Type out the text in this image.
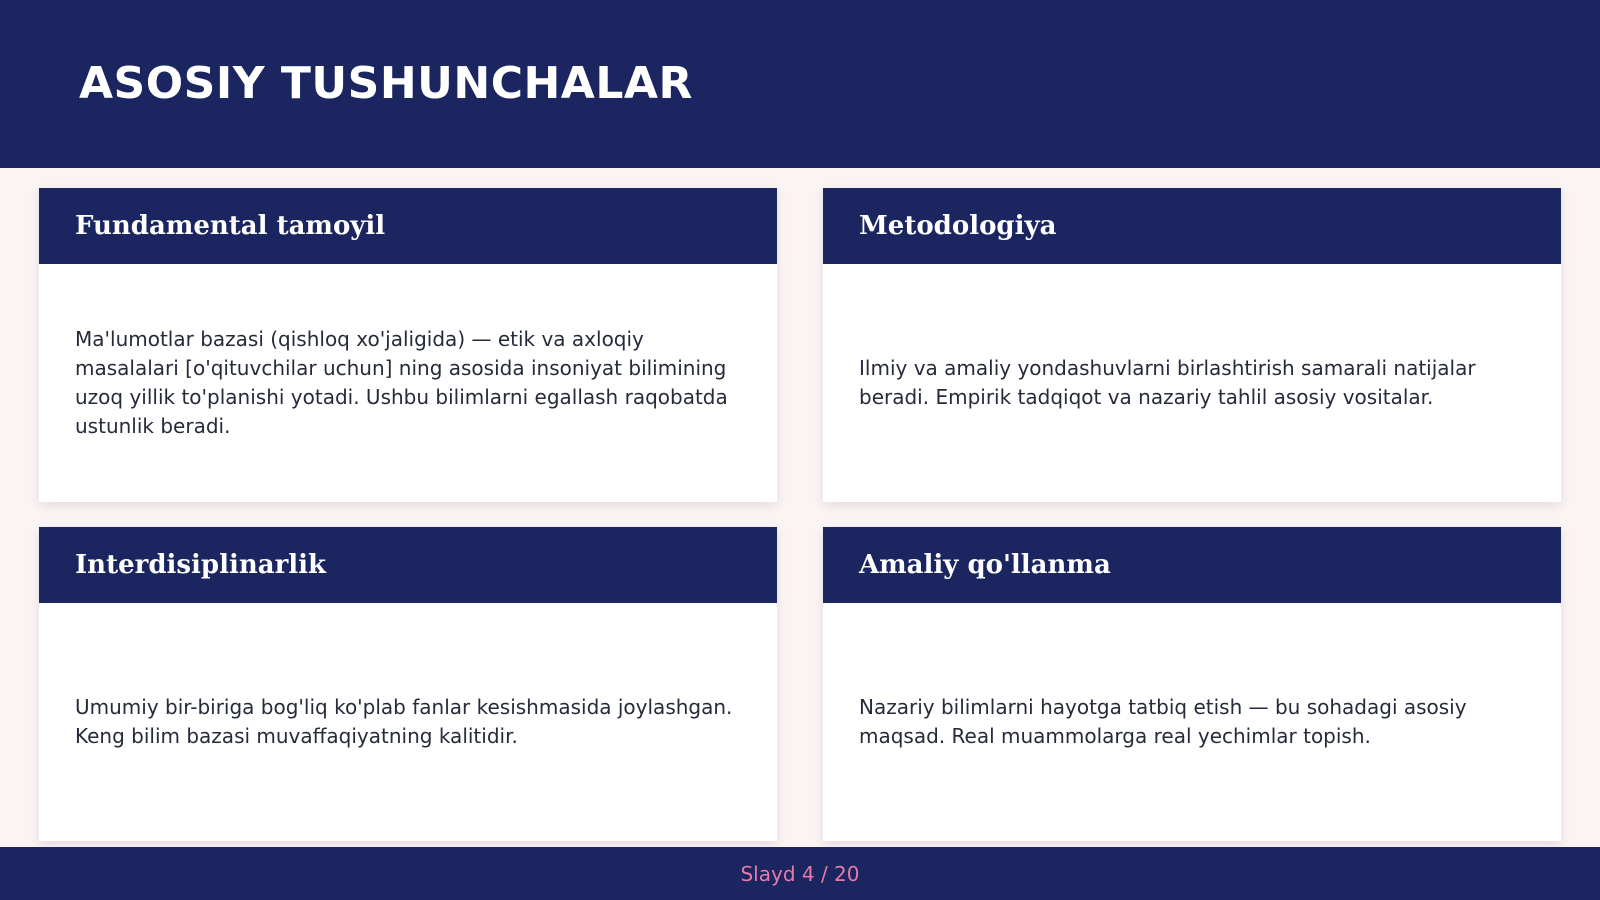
ASOSIY TUSHUNCHALAR
Fundamental tamoyil

Ma'lumotlar bazasi (qishloq xo'jaligida) — etik va axloqiy masalalari [o'qituvchilar uchun] ning asosida insoniyat bilimining uzoq yillik to'planishi yotadi. Ushbu bilimlarni egallash raqobatda ustunlik beradi.

Metodologiya

Ilmiy va amaliy yondashuvlarni birlashtirish samarali natijalar beradi. Empirik tadqiqot va nazariy tahlil asosiy vositalar.

Interdisiplinarlik

Umumiy bir-biriga bog'liq ko'plab fanlar kesishmasida joylashgan. Keng bilim bazasi muvaffaqiyatning kalitidir.

Amaliy qo'llanma

Nazariy bilimlarni hayotga tatbiq etish — bu sohadagi asosiy maqsad. Real muammolarga real yechimlar topish.

Slayd 4 / 20
